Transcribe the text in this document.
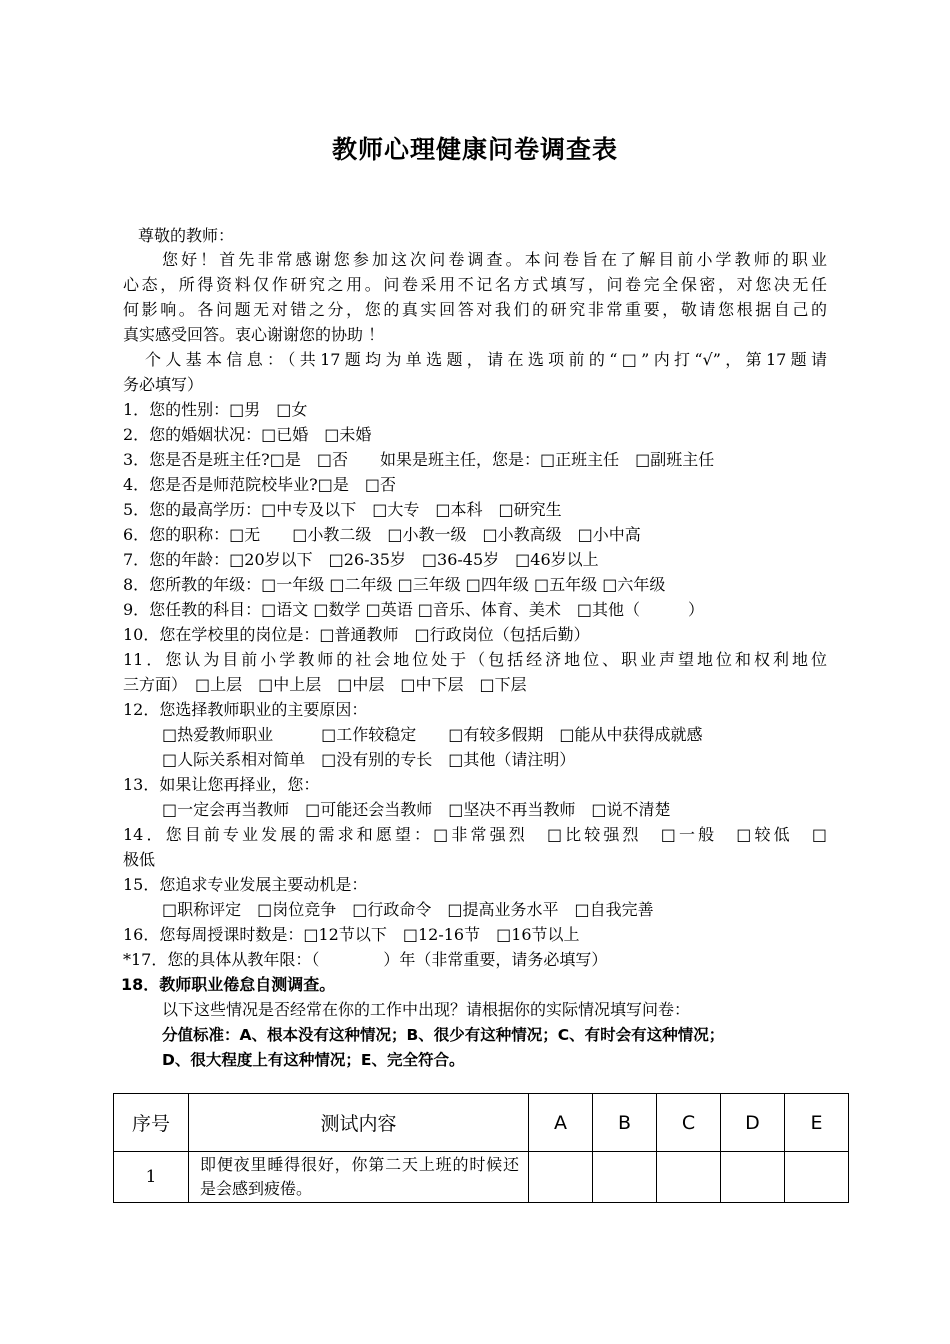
教师心理健康问卷调查表
尊敬的教师：
您好！首先非常感谢您参加这次问卷调查。本问卷旨在了解目前小学教师的职业
心态，所得资料仅作研究之用。问卷采用不记名方式填写，问卷完全保密，对您决无任
何影响。各问题无对错之分，您的真实回答对我们的研究非常重要，敬请您根据自己的
真实感受回答。衷心谢谢您的协助 ！
个人基本信息：（共17题均为单选题，请在选项前的“□”内打“√”，第17题请
务必填写）
1．您的性别：□男　□女
2．您的婚姻状况：□已婚　□未婚
3．您是否是班主任?□是　□否　　如果是班主任，您是：□正班主任　□副班主任
4．您是否是师范院校毕业?□是　□否
5．您的最高学历：□中专及以下　□大专　□本科　□研究生
6．您的职称：□无　　□小教二级　□小教一级　□小教高级　□小中高
7．您的年龄：□20岁以下　□26-35岁　□36-45岁　□46岁以上
8．您所教的年级：□一年级 □二年级 □三年级 □四年级 □五年级 □六年级
9．您任教的科目：□语文 □数学 □英语 □音乐、体育、美术　□其他（　　　）
10．您在学校里的岗位是：□普通教师　□行政岗位（包括后勤）
11．您认为目前小学教师的社会地位处于（包括经济地位、职业声望地位和权利地位
三方面）　□上层　□中上层　□中层　□中下层　□下层
12．您选择教师职业的主要原因：
□热爱教师职业　　　□工作较稳定　　□有较多假期　□能从中获得成就感
□人际关系相对简单　□没有别的专长　□其他（请注明）
13．如果让您再择业，您：
□一定会再当教师　□可能还会当教师　□坚决不再当教师　□说不清楚
14．您目前专业发展的需求和愿望：□非常强烈　□比较强烈　□一般　□较低　□
极低
15．您追求专业发展主要动机是：
□职称评定　□岗位竞争　□行政命令　□提高业务水平　□自我完善
16．您每周授课时数是：□12节以下　□12-16节　□16节以上
*17．您的具体从教年限：（　　　　）年（非常重要，请务必填写）
18．教师职业倦怠自测调查。
以下这些情况是否经常在你的工作中出现？请根据你的实际情况填写问卷：
分值标准：A、根本没有这种情况；B、很少有这种情况；C、有时会有这种情况；
D、很大程度上有这种情况；E、完全符合。
序号	测试内容	A	B	C	D	E
1	即便夜里睡得很好，你第二天上班的时候还是会感到疲倦。					
